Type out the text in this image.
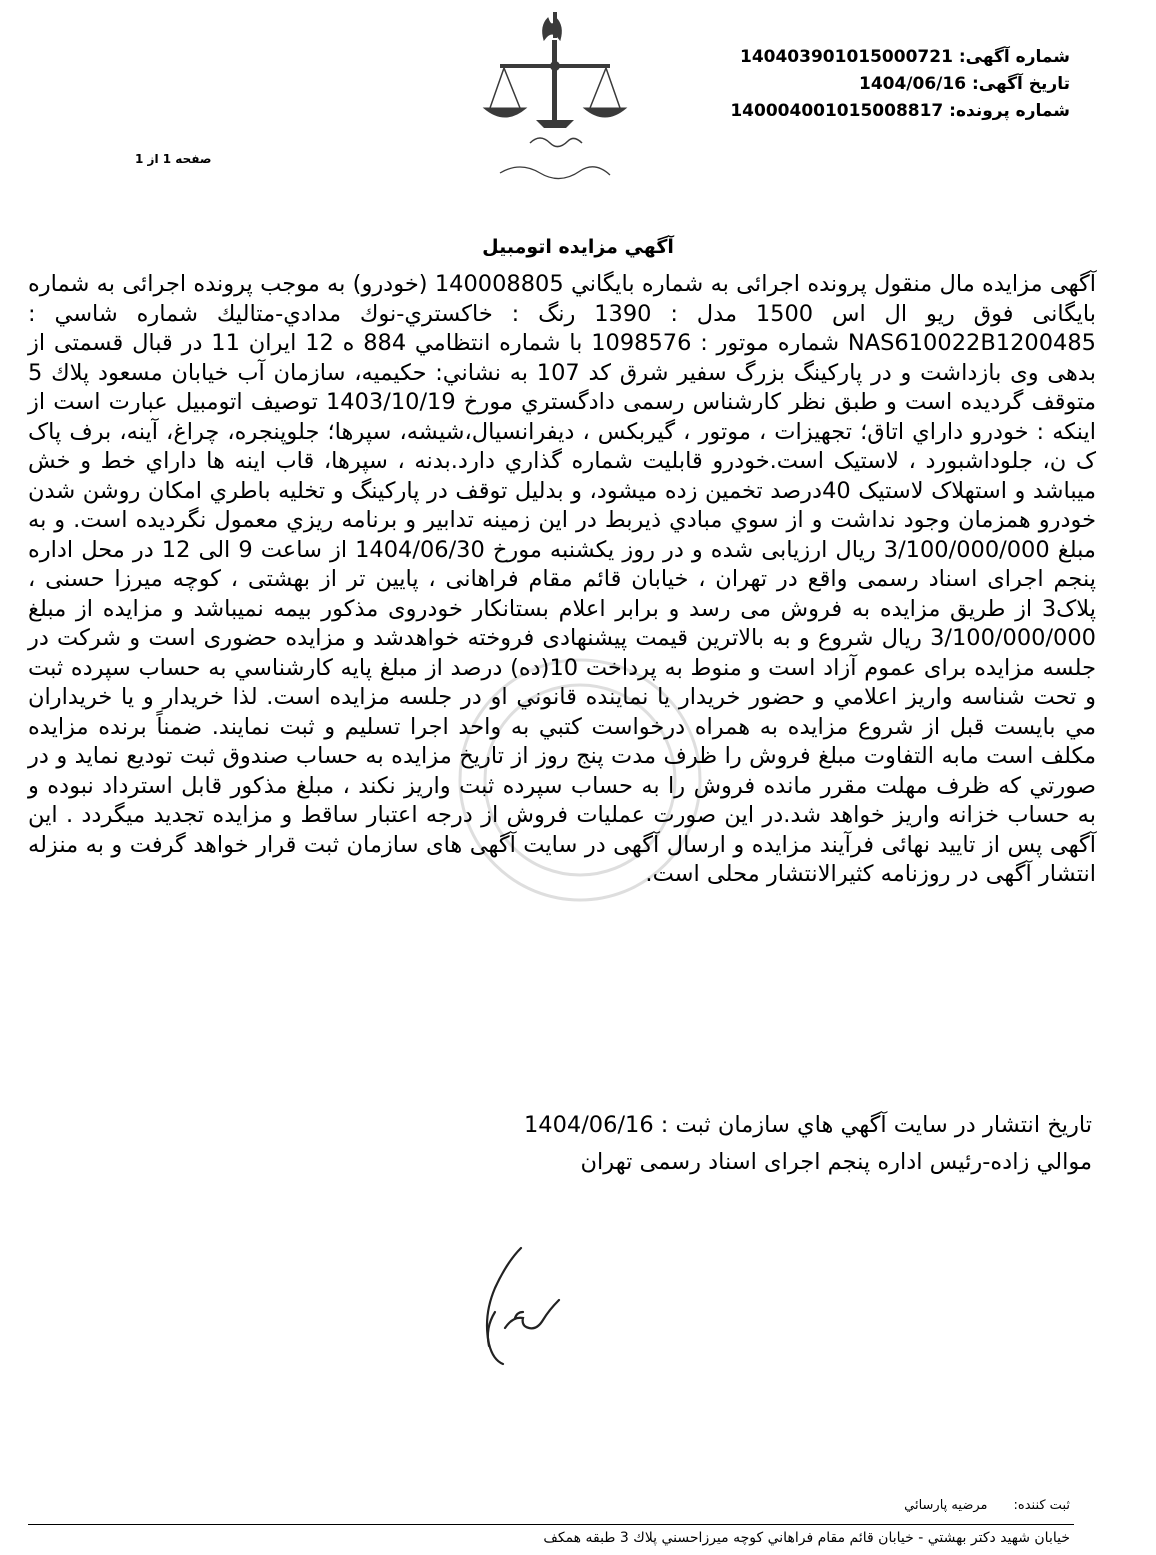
شماره آگهی: 140403901015000721
تاریخ آگهی: 1404/06/16
شماره پرونده: 140004001015008817
صفحه 1 از 1
آگهي مزايده اتومبيل
آگهی مزایده مال منقول پرونده اجرائی به شماره بایگاني 140008805 (خودرو) به موجب پرونده اجرائی به شماره بایگانی فوق ریو ال اس 1500 مدل : 1390 رنگ : خاكستري-نوك مدادي-متاليك شماره شاسي : NAS610022B1200485 شماره موتور : 1098576 با شماره انتظامي 884 ه 12 ايران 11 در قبال قسمتی از بدهی وی بازداشت و در پارکینگ بزرگ سفیر شرق کد 107 به نشاني: حكيميه، سازمان آب خيابان مسعود پلاك 5 متوقف گرديده است و طبق نظر كارشناس رسمی دادگستري مورخ 1403/10/19 توصيف اتومبيل عبارت است از اينكه : خودرو داراي اتاق؛ تجهیزات ، موتور ، گیربکس ، دیفرانسیال،شیشه، سپرها؛ جلوپنجره، چراغ، آینه، برف پاک ک ن، جلوداشبورد ، لاستیک است.خودرو قابليت شماره گذاري دارد.بدنه ، سپرها، قاب اينه ها داراي خط و خش ميباشد و استهلاک لاستيک 40درصد تخمين زده ميشود، و بدليل توقف در پاركينگ و تخليه باطري امكان روشن شدن خودرو همزمان وجود نداشت و از سوي مبادي ذيربط در اين زمينه تدابير و برنامه ريزي معمول نگرديده است. و به مبلغ 3/100/000/000 ریال ارزیابی شده و در روز یکشنبه مورخ 1404/06/30 از ساعت 9 الی 12 در محل اداره پنجم اجرای اسناد رسمی واقع در تهران ، خیابان قائم مقام فراهانی ، پایین تر از بهشتی ، کوچه میرزا حسنی ، پلاک3 از طریق مزایده به فروش می رسد و برابر اعلام بستانکار خودروی مذکور بیمه نمیباشد و مزایده از مبلغ 3/100/000/000 ریال شروع و به بالاترین قیمت پیشنهادی فروخته خواهدشد و مزایده حضوری است و شرکت در جلسه مزایده برای عموم آزاد است و منوط به پرداخت 10(ده) درصد از مبلغ پايه كارشناسي به حساب سپرده ثبت و تحت شناسه واريز اعلامي و حضور خريدار يا نماينده قانوني او در جلسه مزايده است. لذا خريدار و يا خريداران مي بايست قبل از شروع مزايده به همراه درخواست كتبي به واحد اجرا تسليم و ثبت نمايند. ضمناً برنده مزايده مكلف است مابه التفاوت مبلغ فروش را ظرف مدت پنج روز از تاريخ مزايده به حساب صندوق ثبت توديع نمايد و در صورتي كه ظرف مهلت مقرر مانده فروش را به حساب سپرده ثبت واريز نكند ، مبلغ مذكور قابل استرداد نبوده و به حساب خزانه واريز خواهد شد.در این صورت عملیات فروش از درجه اعتبار ساقط و مزایده تجدید میگردد . این آگهی پس از تایید نهائی فرآیند مزایده و ارسال آگهی در سایت آگهی های سازمان ثبت قرار خواهد گرفت و به منزله انتشار آگهی در روزنامه کثیرالانتشار محلی است.
تاريخ انتشار در سايت آگهي هاي سازمان ثبت : 1404/06/16
موالي زاده-رئيس اداره پنجم اجرای اسناد رسمی تهران
ثبت كننده:مرضیه پارسائي
خيابان شهيد دكتر بهشتي - خيابان قائم مقام فراهاني كوچه ميرزاحسني پلاك 3 طبقه همكف
